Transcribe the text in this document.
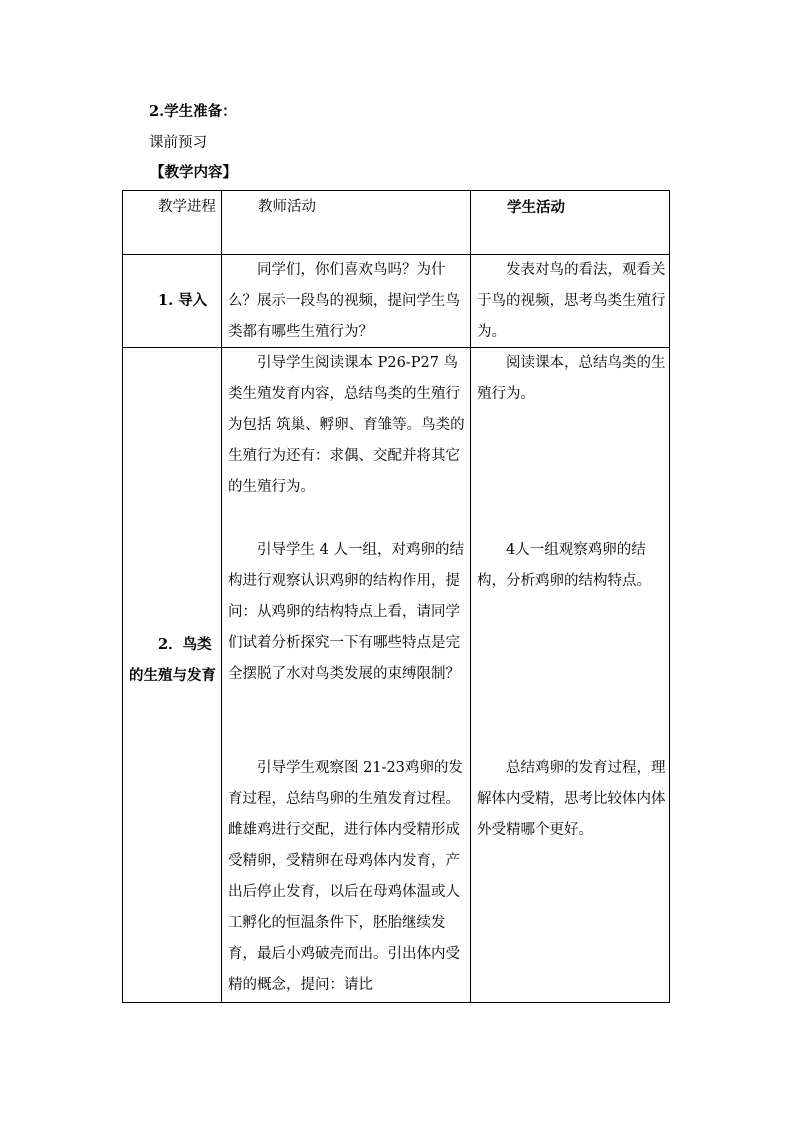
2.学生准备：
课前预习
【教学内容】
教学进程	教师活动	学生活动
1. 导入

同学们，你们喜欢鸟吗？为什么？展示一段鸟的视频，提问学生鸟类都有哪些生殖行为？

发表对鸟的看法，观看关于鸟的视频，思考鸟类生殖行为。

2．鸟类的生殖与发育

引导学生阅读课本 P26-P27 鸟类生殖发育内容，总结鸟类的生殖行为包括 筑巢、孵卵、育雏等。鸟类的生殖行为还有：求偶、交配并将其它的生殖行为。

引导学生 4 人一组，对鸡卵的结构进行观察认识鸡卵的结构作用，提问：从鸡卵的结构特点上看，请同学们试着分析探究一下有哪些特点是完全摆脱了水对鸟类发展的束缚限制？

引导学生观察图 21-23鸡卵的发育过程，总结鸟卵的生殖发育过程。雌雄鸡进行交配，进行体内受精形成受精卵，受精卵在母鸡体内发育，产出后停止发育，以后在母鸡体温或人工孵化的恒温条件下，胚胎继续发育，最后小鸡破壳而出。引出体内受精的概念，提问：请比

阅读课本，总结鸟类的生殖行为。

4人一组观察鸡卵的结构，分析鸡卵的结构特点。

总结鸡卵的发育过程，理解体内受精，思考比较体内体外受精哪个更好。
